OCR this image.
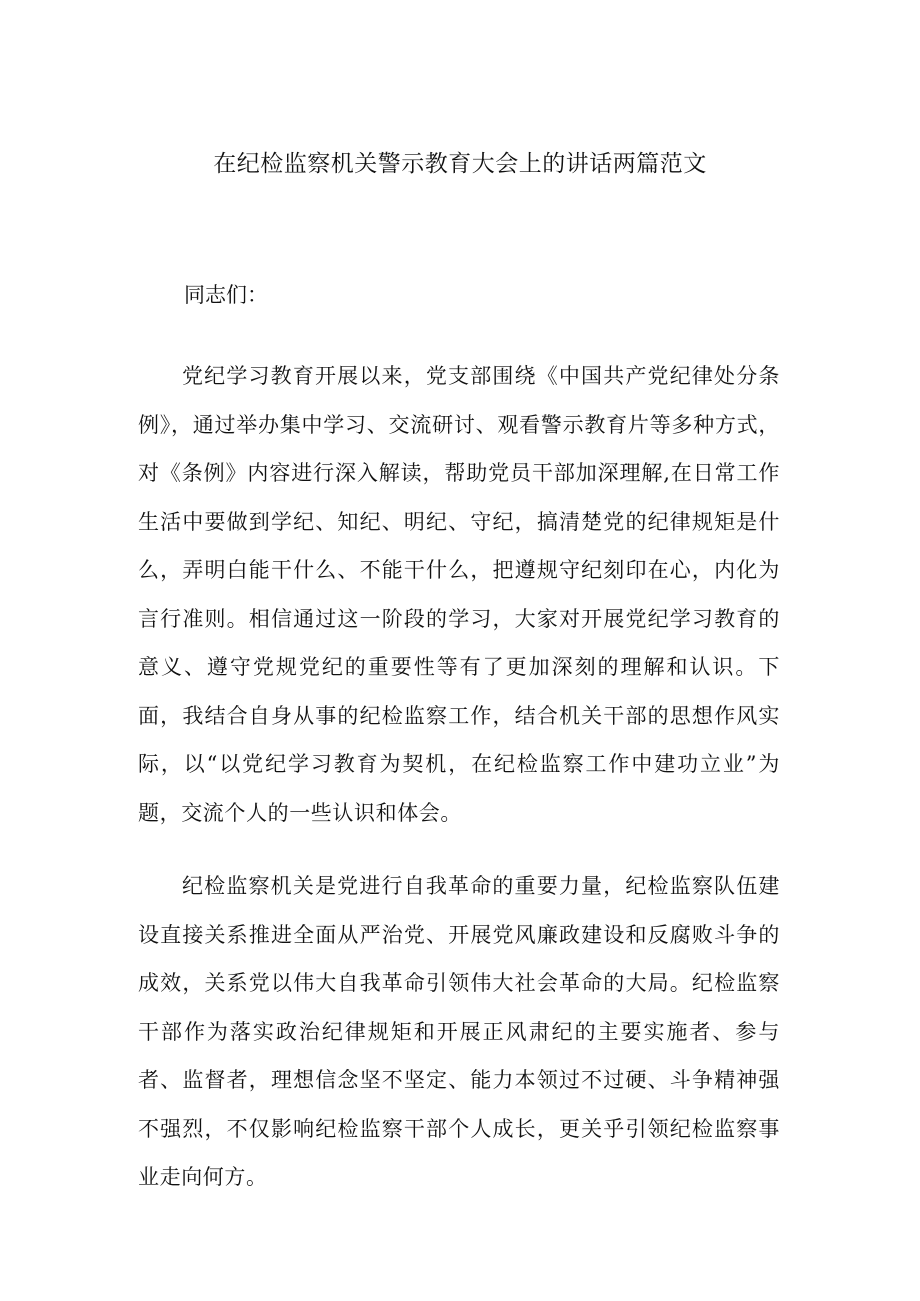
在纪检监察机关警示教育大会上的讲话两篇范文

同志们：

党纪学习教育开展以来，党支部围绕《中国共产党纪律处分条例》，通过举办集中学习、交流研讨、观看警示教育片等多种方式，对《条例》内容进行深入解读，帮助党员干部加深理解,在日常工作生活中要做到学纪、知纪、明纪、守纪，搞清楚党的纪律规矩是什么，弄明白能干什么、不能干什么，把遵规守纪刻印在心，内化为言行准则。相信通过这一阶段的学习，大家对开展党纪学习教育的意义、遵守党规党纪的重要性等有了更加深刻的理解和认识。下面，我结合自身从事的纪检监察工作，结合机关干部的思想作风实际，以“以党纪学习教育为契机，在纪检监察工作中建功立业”为题，交流个人的一些认识和体会。

纪检监察机关是党进行自我革命的重要力量，纪检监察队伍建设直接关系推进全面从严治党、开展党风廉政建设和反腐败斗争的成效，关系党以伟大自我革命引领伟大社会革命的大局。纪检监察干部作为落实政治纪律规矩和开展正风肃纪的主要实施者、参与者、监督者，理想信念坚不坚定、能力本领过不过硬、斗争精神强不强烈，不仅影响纪检监察干部个人成长，更关乎引领纪检监察事业走向何方。
